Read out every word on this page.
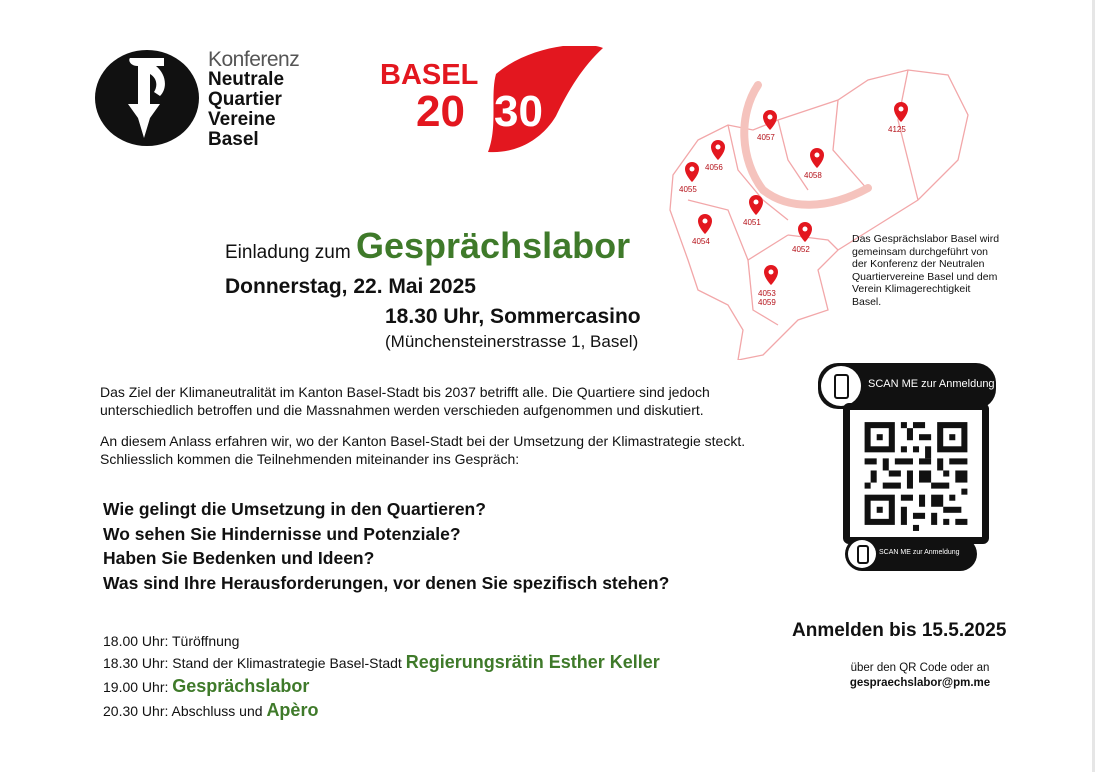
Konferenz
Neutrale
Quartier
Vereine
Basel
BASEL
20 30
4057
4125
4056
4055
4058
4051
4054
4052
4053
4059
Das Gesprächslabor Basel wird gemeinsam durchgeführt von der Konferenz der Neutralen Quartiervereine Basel und dem Verein Klimagerechtigkeit Basel.
Einladung zum Gesprächslabor
Donnerstag, 22. Mai 2025
18.30 Uhr, Sommercasino
(Münchensteinerstrasse 1, Basel)
Das Ziel der Klimaneutralität im Kanton Basel-Stadt bis 2037 betrifft alle. Die Quartiere sind jedoch unterschiedlich betroffen und die Massnahmen werden verschieden aufgenommen und diskutiert.
An diesem Anlass erfahren wir, wo der Kanton Basel-Stadt bei der Umsetzung der Klimastrategie steckt. Schliesslich kommen die Teilnehmenden miteinander ins Gespräch:
Wie gelingt die Umsetzung in den Quartieren?
Wo sehen Sie Hindernisse und Potenziale?
Haben Sie Bedenken und Ideen?
Was sind Ihre Herausforderungen, vor denen Sie spezifisch stehen?
18.00 Uhr: Türöffnung
18.30 Uhr: Stand der Klimastrategie Basel-Stadt Regierungsrätin Esther Keller
19.00 Uhr: Gesprächslabor
20.30 Uhr: Abschluss und Apèro
SCAN ME zur Anmeldung
SCAN ME zur Anmeldung
Anmelden bis 15.5.2025
über den QR Code oder an
gespraechslabor@pm.me
